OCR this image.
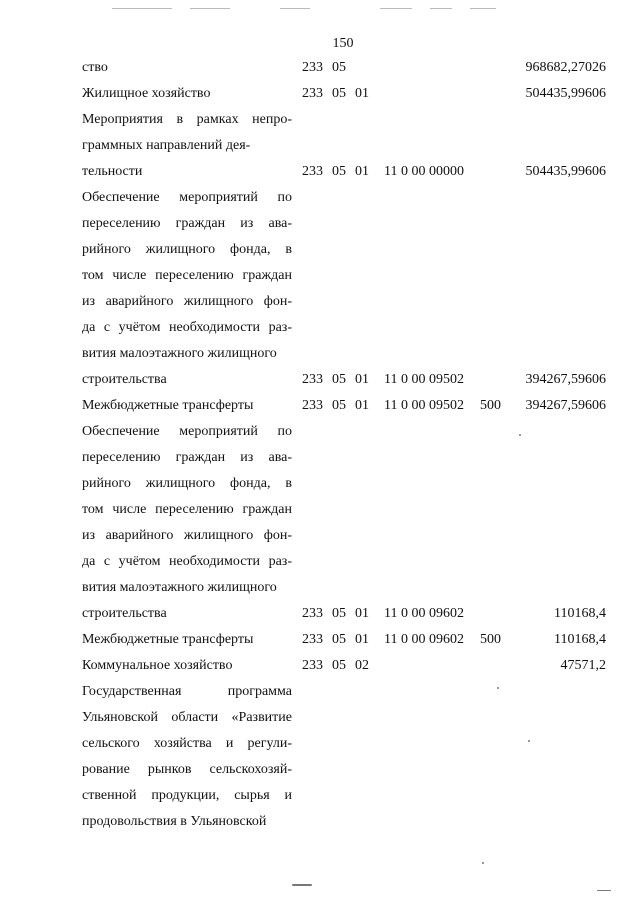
150
ство	233 05	968682,27026
Жилищное хозяйство	233 05 01	504435,99606
Мероприятия в рамках непро-
граммных направлений дея-
тельности	233 05 01 11 0 00 00000	504435,99606
Обеспечение мероприятий по
переселению граждан из ава-
рийного жилищного фонда, в
том числе переселению граждан
из аварийного жилищного фон-
да с учётом необходимости раз-
вития малоэтажного жилищного
строительства	233 05 01 11 0 00 09502	394267,59606
Межбюджетные трансферты	233 05 01 11 0 00 09502 500 394267,59606
Обеспечение мероприятий по
переселению граждан из ава-
рийного жилищного фонда, в
том числе переселению граждан
из аварийного жилищного фон-
да с учётом необходимости раз-
вития малоэтажного жилищного
строительства	233 05 01 11 0 00 09602	110168,4
Межбюджетные трансферты	233 05 01 11 0 00 09602 500	110168,4
Коммунальное хозяйство	233 05 02	47571,2
Государственная программа
Ульяновской области «Развитие
сельского хозяйства и регули-
рование рынков сельскохозяй-
ственной продукции, сырья и
продовольствия в Ульяновской
